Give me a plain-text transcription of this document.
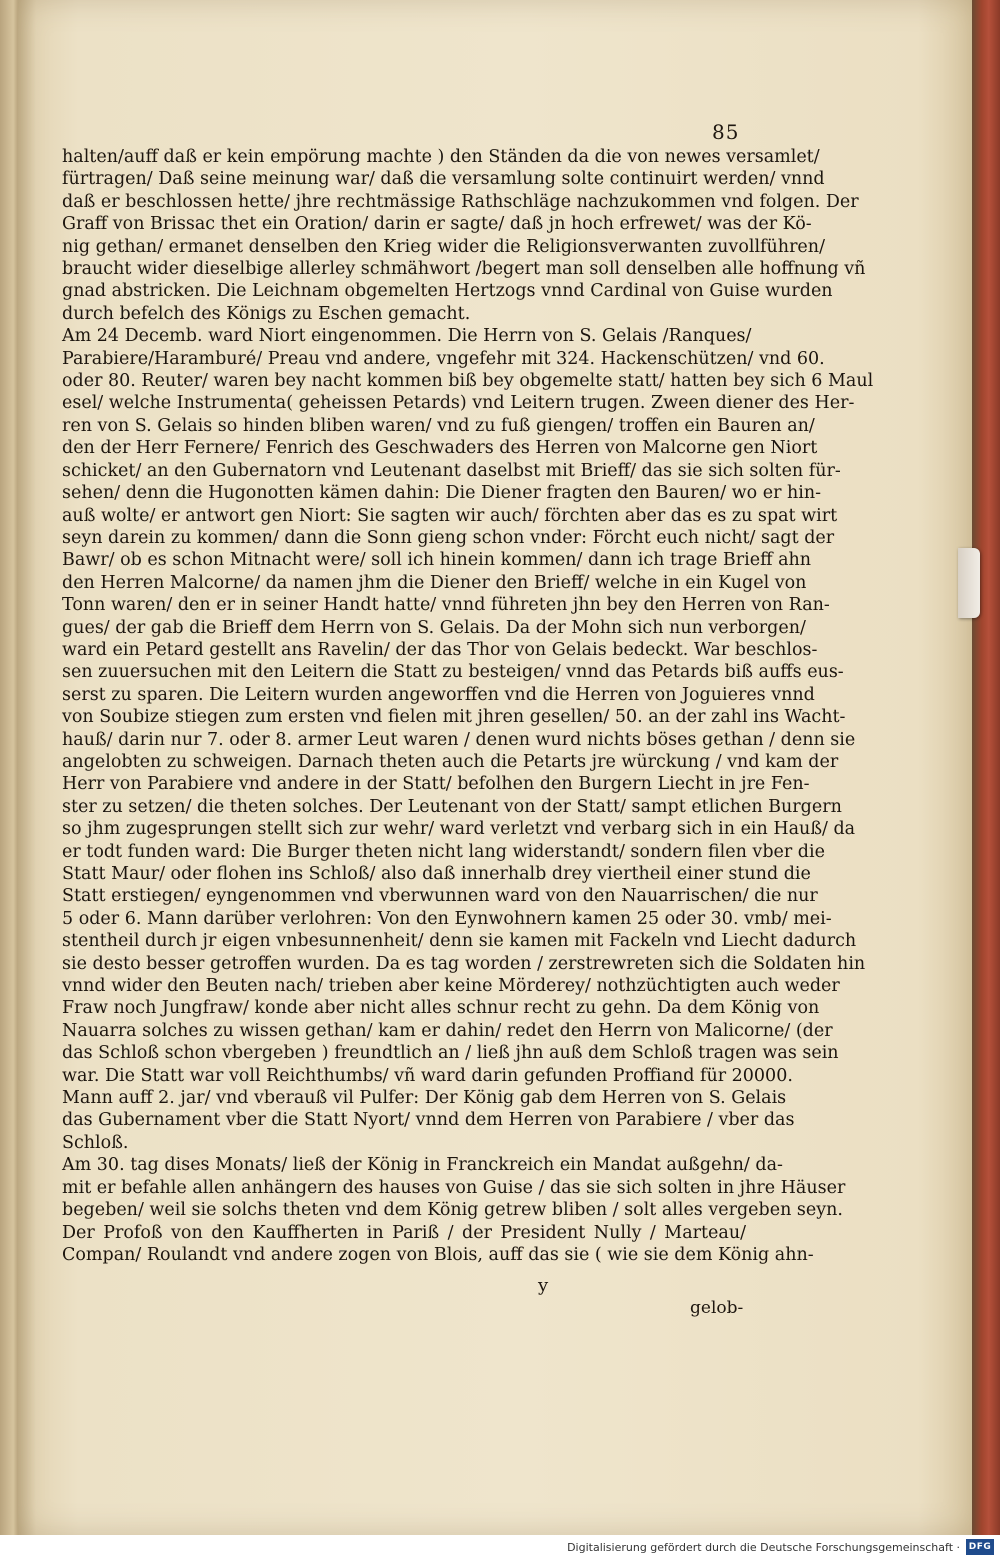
85
halten/auff daß er kein empörung machte ) den Ständen da die von newes versamlet/
fürtragen/ Daß seine meinung war/ daß die versamlung solte continuirt werden/ vnnd
daß er beschlossen hette/ jhre rechtmässige Rathschläge nachzukommen vnd folgen. Der
Graff von Brissac thet ein Oration/ darin er sagte/ daß jn hoch erfrewet/ was der Kö-
nig gethan/ ermanet denselben den Krieg wider die Religionsverwanten zuvollführen/
braucht wider dieselbige allerley schmähwort /begert man soll denselben alle hoffnung vñ
gnad abstricken. Die Leichnam obgemelten Hertzogs vnnd Cardinal von Guise wurden
durch befelch des Königs zu Eschen gemacht.
Am 24 Decemb. ward Niort eingenommen. Die Herrn von S. Gelais /Ranques/
Parabiere/Haramburé/ Preau vnd andere, vngefehr mit 324. Hackenschützen/ vnd 60.
oder 80. Reuter/ waren bey nacht kommen biß bey obgemelte statt/ hatten bey sich 6 Maul
esel/ welche Instrumenta( geheissen Petards) vnd Leitern trugen. Zween diener des Her-
ren von S. Gelais so hinden bliben waren/ vnd zu fuß giengen/ troffen ein Bauren an/
den der Herr Fernere/ Fenrich des Geschwaders des Herren von Malcorne gen Niort
schicket/ an den Gubernatorn vnd Leutenant daselbst mit Brieff/ das sie sich solten für-
sehen/ denn die Hugonotten kämen dahin: Die Diener fragten den Bauren/ wo er hin-
auß wolte/ er antwort gen Niort: Sie sagten wir auch/ förchten aber das es zu spat wirt
seyn darein zu kommen/ dann die Sonn gieng schon vnder: Förcht euch nicht/ sagt der
Bawr/ ob es schon Mitnacht were/ soll ich hinein kommen/ dann ich trage Brieff ahn
den Herren Malcorne/ da namen jhm die Diener den Brieff/ welche in ein Kugel von
Tonn waren/ den er in seiner Handt hatte/ vnnd führeten jhn bey den Herren von Ran-
gues/ der gab die Brieff dem Herrn von S. Gelais. Da der Mohn sich nun verborgen/
ward ein Petard gestellt ans Ravelin/ der das Thor von Gelais bedeckt. War beschlos-
sen zuuersuchen mit den Leitern die Statt zu besteigen/ vnnd das Petards biß auffs eus-
serst zu sparen. Die Leitern wurden angeworffen vnd die Herren von Joguieres vnnd
von Soubize stiegen zum ersten vnd fielen mit jhren gesellen/ 50. an der zahl ins Wacht-
hauß/ darin nur 7. oder 8. armer Leut waren / denen wurd nichts böses gethan / denn sie
angelobten zu schweigen. Darnach theten auch die Petarts jre würckung / vnd kam der
Herr von Parabiere vnd andere in der Statt/ befolhen den Burgern Liecht in jre Fen-
ster zu setzen/ die theten solches. Der Leutenant von der Statt/ sampt etlichen Burgern
so jhm zugesprungen stellt sich zur wehr/ ward verletzt vnd verbarg sich in ein Hauß/ da
er todt funden ward: Die Burger theten nicht lang widerstandt/ sondern filen vber die
Statt Maur/ oder flohen ins Schloß/ also daß innerhalb drey viertheil einer stund die
Statt erstiegen/ eyngenommen vnd vberwunnen ward von den Nauarrischen/ die nur
5 oder 6. Mann darüber verlohren: Von den Eynwohnern kamen 25 oder 30. vmb/ mei-
stentheil durch jr eigen vnbesunnenheit/ denn sie kamen mit Fackeln vnd Liecht dadurch
sie desto besser getroffen wurden. Da es tag worden / zerstrewreten sich die Soldaten hin
vnnd wider den Beuten nach/ trieben aber keine Mörderey/ nothzüchtigten auch weder
Fraw noch Jungfraw/ konde aber nicht alles schnur recht zu gehn. Da dem König von
Nauarra solches zu wissen gethan/ kam er dahin/ redet den Herrn von Malicorne/ (der
das Schloß schon vbergeben ) freundtlich an / ließ jhn auß dem Schloß tragen was sein
war. Die Statt war voll Reichthumbs/ vñ ward darin gefunden Proffiand für 20000.
Mann auff 2. jar/ vnd vberauß vil Pulfer: Der König gab dem Herren von S. Gelais
das Gubernament vber die Statt Nyort/ vnnd dem Herren von Parabiere / vber das
Schloß.
Am 30. tag dises Monats/ ließ der König in Franckreich ein Mandat außgehn/ da-
mit er befahle allen anhängern des hauses von Guise / das sie sich solten in jhre Häuser
begeben/ weil sie solchs theten vnd dem König getrew bliben / solt alles vergeben seyn.
Der Profoß von den Kauffherten in Pariß / der President Nully / Marteau/
Compan/ Roulandt vnd andere zogen von Blois, auff das sie ( wie sie dem König ahn-
y
gelob-
Digitalisierung gefördert durch die Deutsche Forschungsgemeinschaft · DFG
